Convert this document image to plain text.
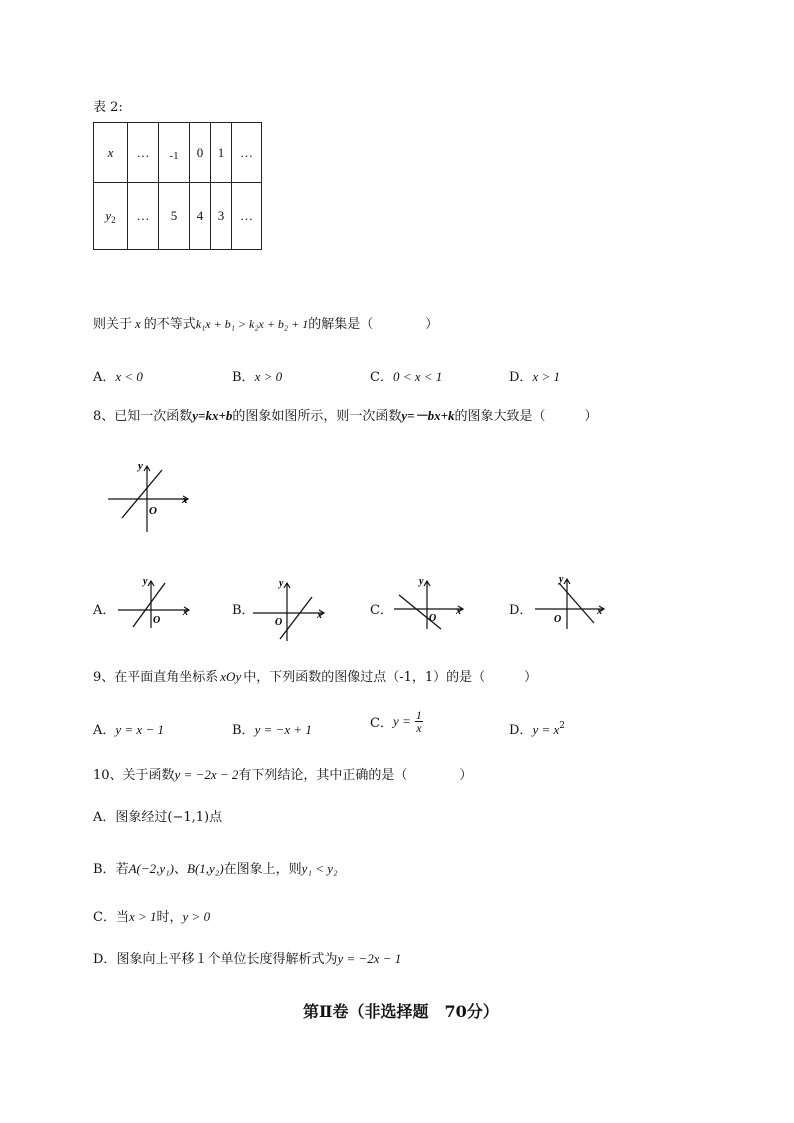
表 2:
x	…	-1	0	1	…
$y_2$	…	5	4	3	…
则关于 x 的不等式k₁x + b₁ > k₂x + b₂ + 1的解集是（　　　　）
A．x < 0	B．x > 0	C．0 < x < 1	D．x > 1
8、已知一次函数y=kx+b的图象如图所示，则一次函数y=－bx+k的图象大致是（　　　）
y
x
O
A．
y
x
O
B．
y
x
O
C．
y
x
O
D．
y
x
O
9、在平面直角坐标系 xOy 中，下列函数的图像过点（-1，1）的是（　　　）
A．y = x − 1	B．y = −x + 1	C．$y = \frac{1}{x}$	D．$y = x^2$
10、关于函数y = −2x − 2有下列结论，其中正确的是（　　　　）
A．图象经过(−1,1)点
B．若A(−2,y₁)、B(1,y₂)在图象上，则y₁ < y₂
C．当x > 1时，y > 0
D．图象向上平移１个单位长度得解析式为y = −2x − 1
第Ⅱ卷（非选择题　70分）
